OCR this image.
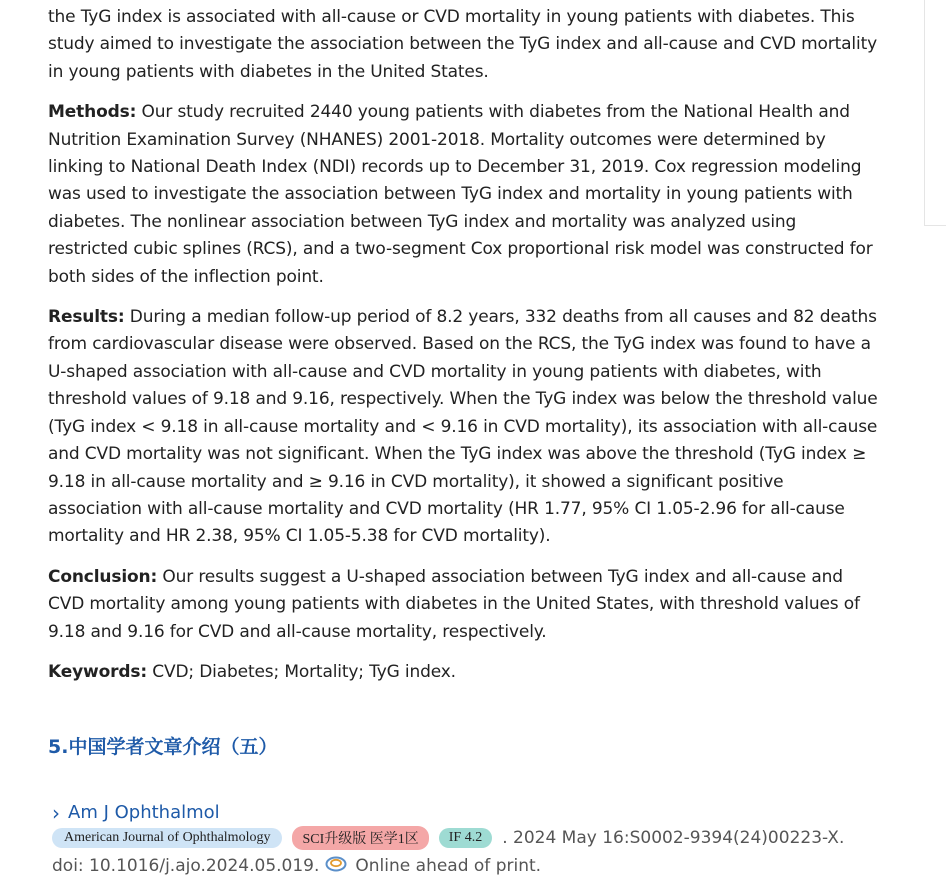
the TyG index is associated with all-cause or CVD mortality in young patients with diabetes. This study aimed to investigate the association between the TyG index and all-cause and CVD mortality in young patients with diabetes in the United States.

Methods: Our study recruited 2440 young patients with diabetes from the National Health and Nutrition Examination Survey (NHANES) 2001-2018. Mortality outcomes were determined by linking to National Death Index (NDI) records up to December 31, 2019. Cox regression modeling was used to investigate the association between TyG index and mortality in young patients with diabetes. The nonlinear association between TyG index and mortality was analyzed using restricted cubic splines (RCS), and a two-segment Cox proportional risk model was constructed for both sides of the inflection point.

Results: During a median follow-up period of 8.2 years, 332 deaths from all causes and 82 deaths from cardiovascular disease were observed. Based on the RCS, the TyG index was found to have a U-shaped association with all-cause and CVD mortality in young patients with diabetes, with threshold values of 9.18 and 9.16, respectively. When the TyG index was below the threshold value (TyG index < 9.18 in all-cause mortality and < 9.16 in CVD mortality), its association with all-cause and CVD mortality was not significant. When the TyG index was above the threshold (TyG index ≥ 9.18 in all-cause mortality and ≥ 9.16 in CVD mortality), it showed a significant positive association with all-cause mortality and CVD mortality (HR 1.77, 95% CI 1.05-2.96 for all-cause mortality and HR 2.38, 95% CI 1.05-5.38 for CVD mortality).

Conclusion: Our results suggest a U-shaped association between TyG index and all-cause and CVD mortality among young patients with diabetes in the United States, with threshold values of 9.18 and 9.16 for CVD and all-cause mortality, respectively.

Keywords: CVD; Diabetes; Mortality; TyG index.

5.中国学者文章介绍（五）
› Am J Ophthalmol
American Journal of Ophthalmology	SCI升级版 医学1区	IF 4.2	. 2024 May 16:S0002-9394(24)00223-X.
doi: 10.1016/j.ajo.2024.05.019. Online ahead of print.
